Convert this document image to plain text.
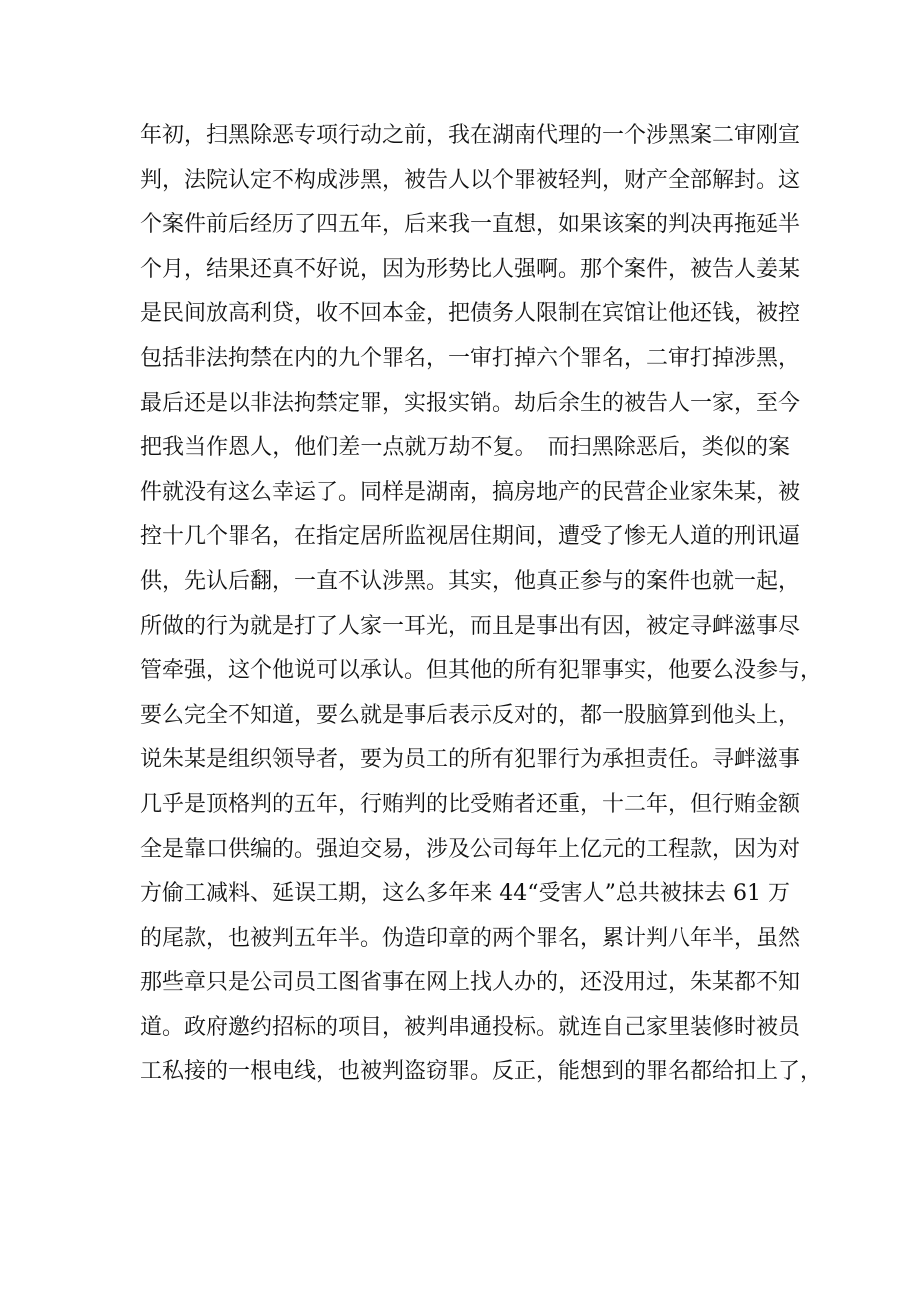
年初，扫黑除恶专项行动之前，我在湖南代理的一个涉黑案二审刚宣
判，法院认定不构成涉黑，被告人以个罪被轻判，财产全部解封。这
个案件前后经历了四五年，后来我一直想，如果该案的判决再拖延半
个月，结果还真不好说，因为形势比人强啊。那个案件，被告人姜某
是民间放高利贷，收不回本金，把债务人限制在宾馆让他还钱，被控
包括非法拘禁在内的九个罪名，一审打掉六个罪名，二审打掉涉黑，
最后还是以非法拘禁定罪，实报实销。劫后余生的被告人一家，至今
把我当作恩人，他们差一点就万劫不复。　而扫黑除恶后，类似的案
件就没有这么幸运了。同样是湖南，搞房地产的民营企业家朱某，被
控十几个罪名，在指定居所监视居住期间，遭受了惨无人道的刑讯逼
供，先认后翻，一直不认涉黑。其实，他真正参与的案件也就一起，
所做的行为就是打了人家一耳光，而且是事出有因，被定寻衅滋事尽
管牵强，这个他说可以承认。但其他的所有犯罪事实，他要么没参与，
要么完全不知道，要么就是事后表示反对的，都一股脑算到他头上，
说朱某是组织领导者，要为员工的所有犯罪行为承担责任。寻衅滋事
几乎是顶格判的五年，行贿判的比受贿者还重，十二年，但行贿金额
全是靠口供编的。强迫交易，涉及公司每年上亿元的工程款，因为对
方偷工减料、延误工期，这么多年来 44“受害人”总共被抹去 61 万
的尾款，也被判五年半。伪造印章的两个罪名，累计判八年半，虽然
那些章只是公司员工图省事在网上找人办的，还没用过，朱某都不知
道。政府邀约招标的项目，被判串通投标。就连自己家里装修时被员
工私接的一根电线，也被判盗窃罪。反正，能想到的罪名都给扣上了，
